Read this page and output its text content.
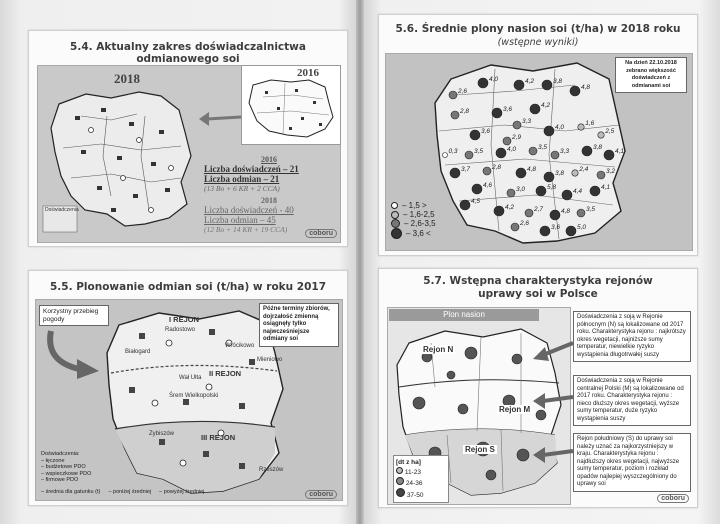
5.4. Aktualny zakres doświadczalnictwa odmianowego soi
2018
Doświadczenia
2016
2016
Liczba doświadczeń – 21
Liczba odmian – 21
(13 Bo + 6 KR + 2 CCA)
2018
Liczba doświadczeń - 40
Liczba odmian – 45
(12 Bo + 14 KR + 19 CCA)	coboru
5.5. Plonowanie odmian soi (t/ha) w roku 2017
Korzystny przebieg pogody	I REJON
II REJON
III REJON
Radostowo
Białogard
Wrócikowo
Mieniowo
Wał Ułta
Śrem Wielkopolski
Zybiszów
Rzeszów
Późne terminy zbiorów, dojrzałość zmienną osiągnęły tylko najwcześniejsze odmiany soi
Doświadczenia:
– łęczone
– budżetowe PDO
– wspieczkowe PDO
– firmowe PDO
– średnia dla gatunku (t) – poniżej średniej – powyżej średniej	coboru
5.6. Średnie plony nasion soi (t/ha) w 2018 roku
(wstępne wyniki)
2,6
4,0	4,2	3,8
4,8
2,8	3,6
4,2
3,3
4,0
1,6
2,5
3,6
2,9
0,3	3,5	4,0	3,5
3,3
3,8
4,1
3,7	2,8	4,8
3,8
2,4	3,2
4,6
3,0	5,8
4,4
4,1
4,5
4,2	2,7	4,8 3,5
2,6
3,6	5,0
Na dzień 22.10.2018 zebrano większość doświadczeń z odmianami soi
– 1,5 >
– 1,6-2,5
– 2,6-3,5
– 3,6 <
5.7. Wstępna charakterystyka rejonów uprawy soi w Polsce
Plon nasion
Rejon N
Rejon M
Rejon S
[dt z ha]
11-23
24-36
37-50
Doświadczenia z soją w Rejonie północnym (N) są lokalizowane od 2017 roku. Charakterystyka rejonu : najkrótszy okres wegetacji, najniższe sumy temperatur, niewielkie ryzyko wystąpienia długotrwałej suszy
Doświadczenia z soją w Rejonie centralnej Polski (M) są lokalizowane od 2017 roku. Charakterystyka rejonu : nieco dłuższy okres wegetacji, wyższe sumy temperatur, duże ryzyko wystąpienia suszy
Rejon południowy (S) do uprawy soi należy uznać za najkorzystniejszy w kraju. Charakterystyka rejonu : najdłuższy okres wegetacji, najwyższe sumy temperatur, poziom i rozkład opadów najlepiej wyszczególniony do uprawy soi
coboru
